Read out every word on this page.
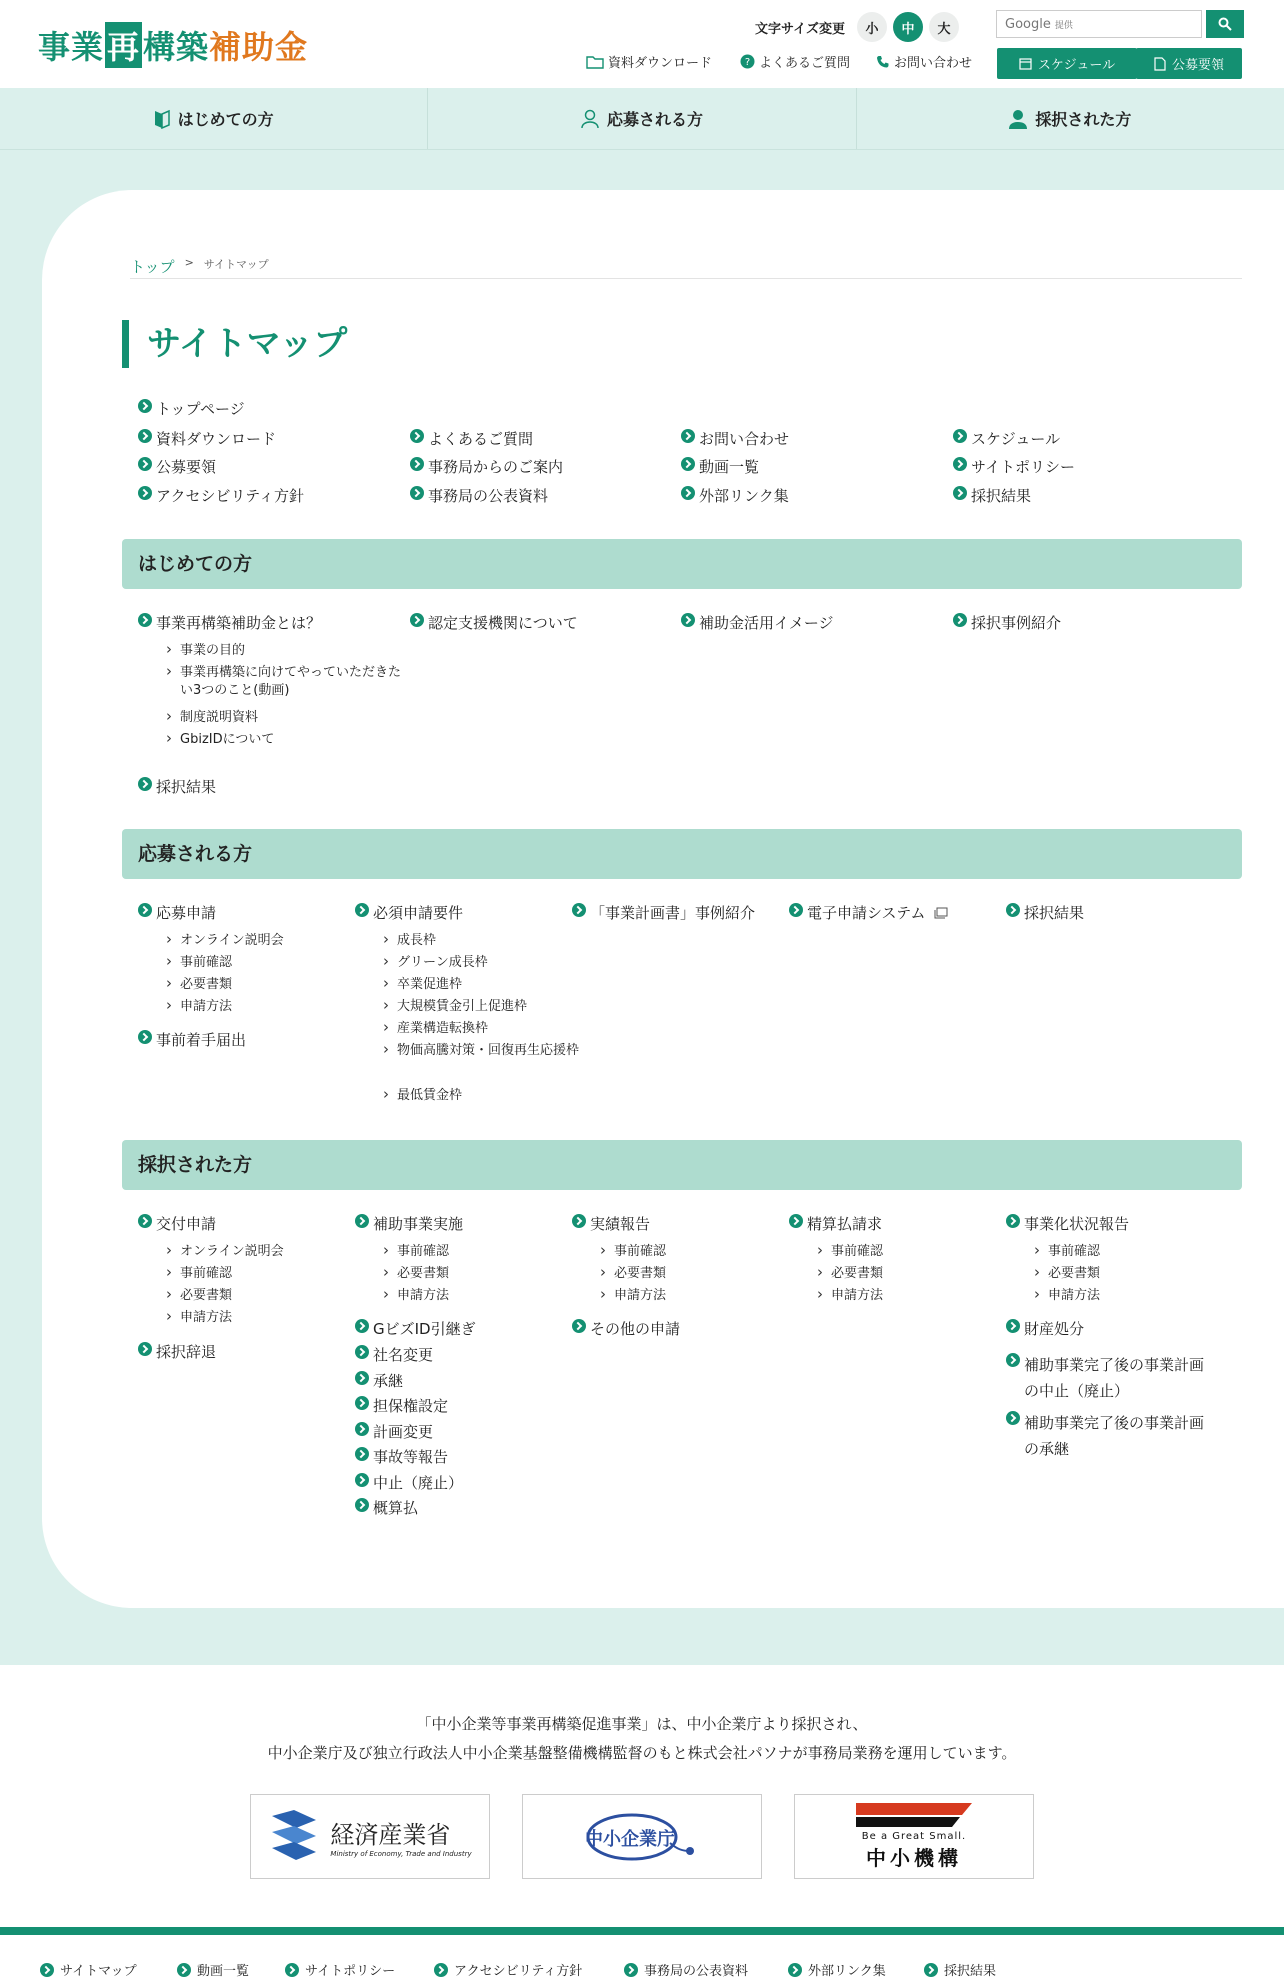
事業再構築補助金	文字サイズ変更	小	中	大	Google 提供
資料ダウンロード	? よくあるご質問	お問い合わせ	スケジュール	公募要領
はじめての方	応募される方	採択された方
トップ > サイトマップ
サイトマップ
トップページ
資料ダウンロード
公募要領
アクセシビリティ方針
よくあるご質問
事務局からのご案内
事務局の公表資料
お問い合わせ
動画一覧
外部リンク集
スケジュール
サイトポリシー
採択結果
はじめての方
事業再構築補助金とは？
› 事業の目的
› 事業再構築に向けてやっていただきたい3つのこと(動画)
› 制度説明資料
› GbizIDについて
採択結果
認定支援機関について	補助金活用イメージ	採択事例紹介
応募される方
応募申請
› オンライン説明会
› 事前確認
› 必要書類
› 申請方法
事前着手届出
必須申請要件
› 成長枠
› グリーン成長枠
› 卒業促進枠
› 大規模賃金引上促進枠
› 産業構造転換枠
› 物価高騰対策・回復再生応援枠
› 最低賃金枠
「事業計画書」事例紹介	電子申請システム	採択結果
採択された方
交付申請
› オンライン説明会
› 事前確認
› 必要書類
› 申請方法
採択辞退
補助事業実施
› 事前確認
› 必要書類
› 申請方法
GビズID引継ぎ
社名変更
承継
担保権設定
計画変更
事故等報告
中止（廃止）
概算払
実績報告
› 事前確認
› 必要書類
› 申請方法
その他の申請
精算払請求
› 事前確認
› 必要書類
› 申請方法
事業化状況報告
› 事前確認
› 必要書類
› 申請方法
財産処分
補助事業完了後の事業計画の中止（廃止）
補助事業完了後の事業計画の承継
「中小企業等事業再構築促進事業」は、中小企業庁より採択され、
中小企業庁及び独立行政法人中小企業基盤整備機構監督のもと株式会社パソナが事務局業務を運用しています。
経済産業省
Ministry of Economy, Trade and Industry
中小企業庁	Be a Great Small.
中小機構
サイトマップ	動画一覧	サイトポリシー	アクセシビリティ方針	事務局の公表資料	外部リンク集	採択結果
